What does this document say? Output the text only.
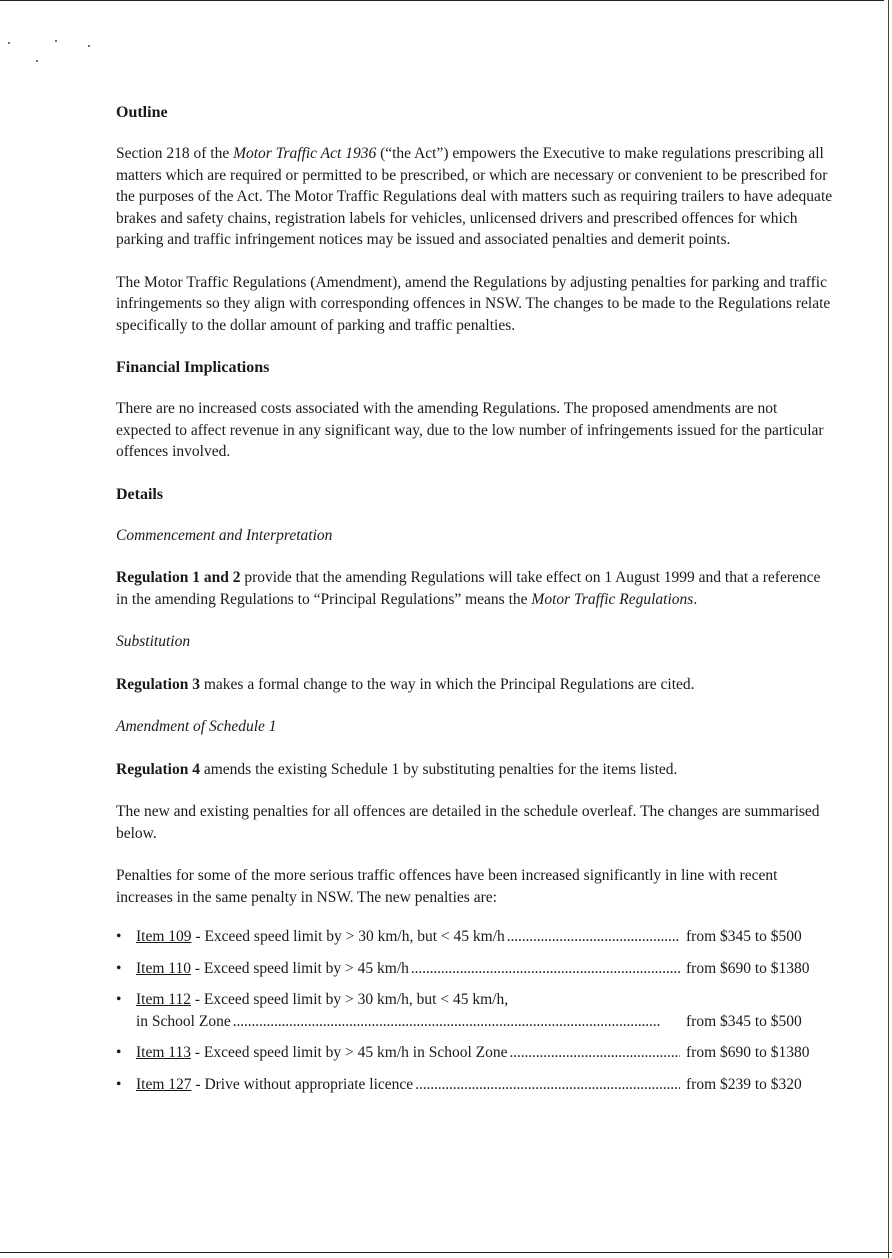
Outline

Section 218 of the Motor Traffic Act 1936 (“the Act”) empowers the Executive to make regulations prescribing all matters which are required or permitted to be prescribed, or which are necessary or convenient to be prescribed for the purposes of the Act. The Motor Traffic Regulations deal with matters such as requiring trailers to have adequate brakes and safety chains, registration labels for vehicles, unlicensed drivers and prescribed offences for which parking and traffic infringement notices may be issued and associated penalties and demerit points.

The Motor Traffic Regulations (Amendment), amend the Regulations by adjusting penalties for parking and traffic infringements so they align with corresponding offences in NSW. The changes to be made to the Regulations relate specifically to the dollar amount of parking and traffic penalties.

Financial Implications

There are no increased costs associated with the amending Regulations. The proposed amendments are not expected to affect revenue in any significant way, due to the low number of infringements issued for the particular offences involved.

Details

Commencement and Interpretation

Regulation 1 and 2 provide that the amending Regulations will take effect on 1 August 1999 and that a reference in the amending Regulations to “Principal Regulations” means the Motor Traffic Regulations.

Substitution

Regulation 3 makes a formal change to the way in which the Principal Regulations are cited.

Amendment of Schedule 1

Regulation 4 amends the existing Schedule 1 by substituting penalties for the items listed.

The new and existing penalties for all offences are detailed in the schedule overleaf. The changes are summarised below.

Penalties for some of the more serious traffic offences have been increased significantly in line with recent increases in the same penalty in NSW. The new penalties are:

• Item 109 - Exceed speed limit by > 30 km/h, but < 45 km/h . . .	from $345 to $500
• Item 110 - Exceed speed limit by > 45 km/h . . .	from $690 to $1380
• Item 112 - Exceed speed limit by > 30 km/h, but < 45 km/h,
in School Zone . . .	from $345 to $500
• Item 113 - Exceed speed limit by > 45 km/h in School Zone . . .	from $690 to $1380
• Item 127 - Drive without appropriate licence . . .	from $239 to $320
